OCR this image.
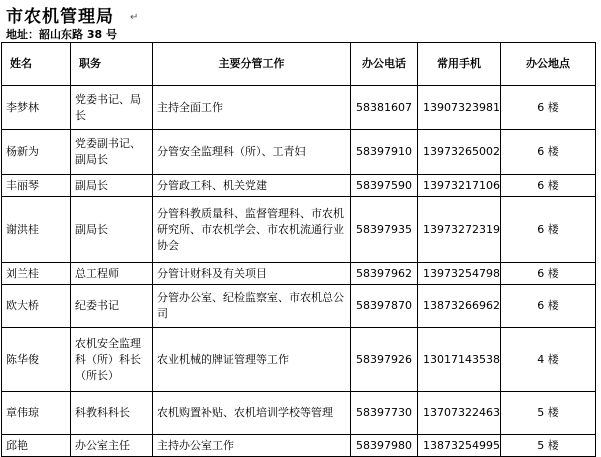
市农机管理局 ↵
地址：韶山东路 38 号
姓名	职务	主要分管工作	办公电话	常用手机	办公地点
李梦林	党委书记、局长	主持全面工作	58381607	13907323981	6 楼
杨新为	党委副书记、副局长	分管安全监理科（所）、工青妇	58397910	13973265002	6 楼
丰丽琴	副局长	分管政工科、机关党建	58397590	13973217106	6 楼
谢洪桂	副局长	分管科教质量科、监督管理科、市农机研究所、市农机学会、市农机流通行业协会	58397935	13973272319	6 楼
刘兰桂	总工程师	分管计财科及有关项目	58397962	13973254798	6 楼
欧大桥	纪委书记	分管办公室、纪检监察室、市农机总公司	58397870	13873266962	6 楼
陈华俊	农机安全监理科（所）科长（所长）	农业机械的牌证管理等工作	58397926	13017143538	4 楼
章伟琼	科教科科长	农机购置补贴、农机培训学校等管理	58397730	13707322463	5 楼
邱艳	办公室主任	主持办公室工作	58397980	13873254995	5 楼
